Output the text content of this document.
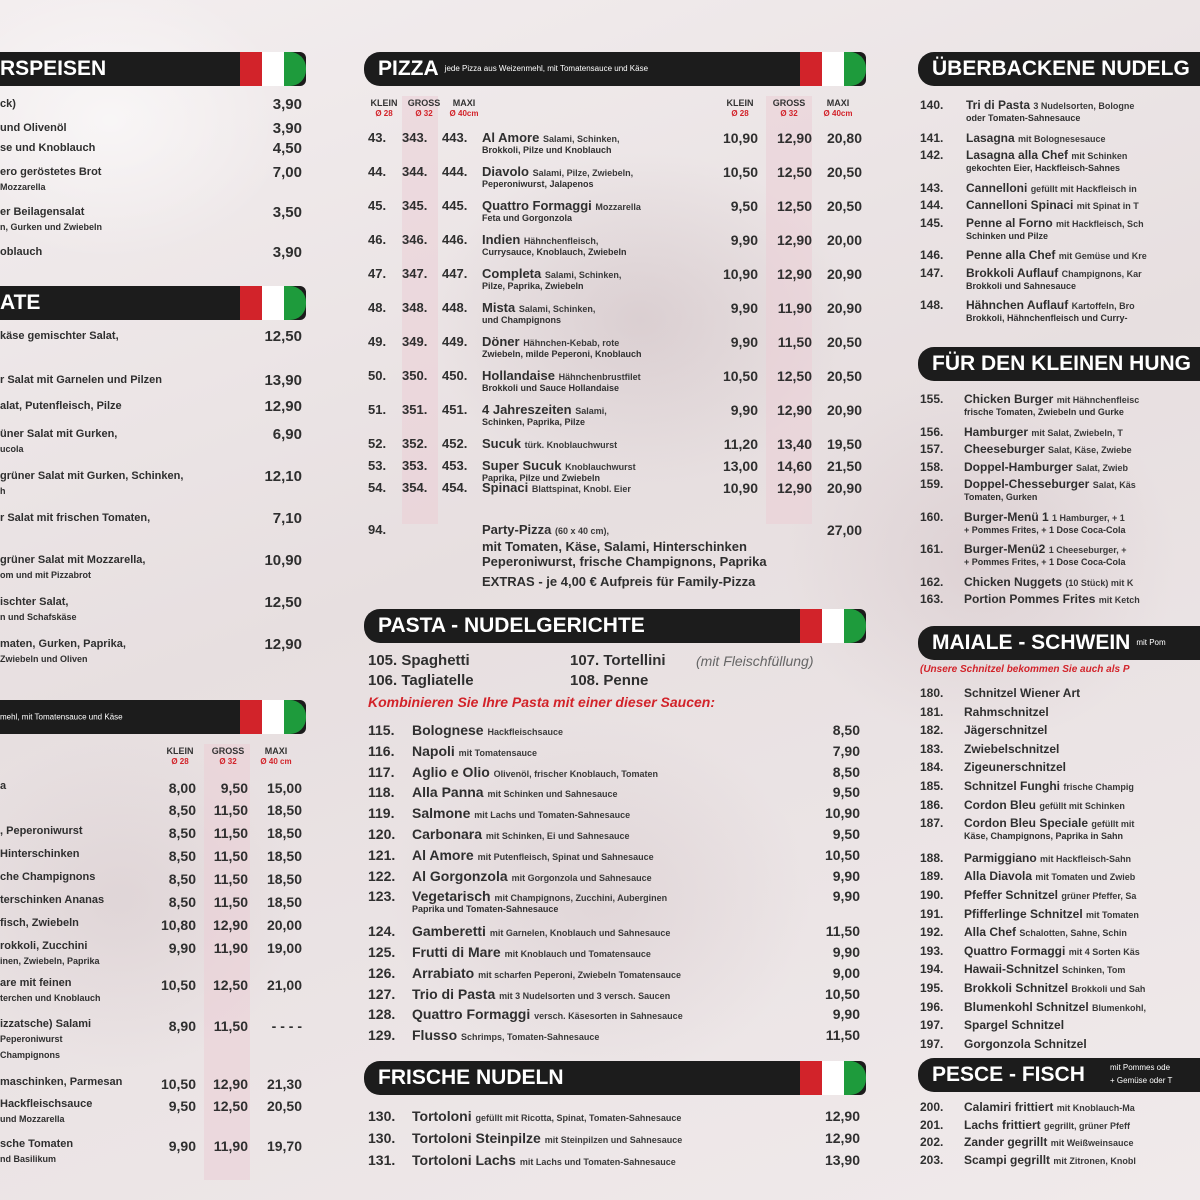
RSPEISEN
ck)	3,90
und Olivenöl	3,90
se und Knoblauch	4,50
ero geröstetes Brot
Mozzarella
7,00
er Beilagensalat
n, Gurken und Zwiebeln
3,50
oblauch	3,90
ATE
käse gemischter Salat,	12,50
r Salat mit Garnelen und Pilzen	13,90
alat, Putenfleisch, Pilze	12,90
üner Salat mit Gurken,
ucola
6,90
grüner Salat mit Gurken, Schinken,
h
12,10
r Salat mit frischen Tomaten,	7,10
grüner Salat mit Mozzarella,
om und mit Pizzabrot
10,90
ischter Salat,
n und Schafskäse
12,50
maten, Gurken, Paprika,
Zwiebeln und Oliven
12,90
mehl, mit Tomatensauce und Käse
KLEIN	GROSS	MAXI
Ø 28	Ø 32	Ø 40 cm
a	8,00	9,50	15,00
8,50	11,50	18,50
, Peperoniwurst	8,50	11,50	18,50
Hinterschinken	8,50	11,50	18,50
che Champignons	8,50	11,50	18,50
terschinken Ananas	8,50	11,50	18,50
fisch, Zwiebeln	10,80	12,90	20,00
rokkoli, Zucchini
inen, Zwiebeln, Paprika
9,90	11,90	19,00
are mit feinen
terchen und Knoblauch
10,50	12,50	21,00
izzatsche) Salami
Peperoniwurst
Champignons
8,90	11,50	- - - -
maschinken, Parmesan	10,50	12,90	21,30
Hackfleischsauce
und Mozzarella
9,50	12,50	20,50
sche Tomaten
nd Basilikum
9,90	11,90	19,70
PIZZA jede Pizza aus Weizenmehl, mit Tomatensauce und Käse
KLEIN	GROSS	MAXI
Ø 28	Ø 32	Ø 40cm
KLEIN	GROSS	MAXI
Ø 28	Ø 32	Ø 40cm
43. 343. 443. Al Amore Salami, Schinken,
Brokkoli, Pilze und Knoblauch
10,90	12,90	20,80
44. 344. 444. Diavolo Salami, Pilze, Zwiebeln,
Peperoniwurst, Jalapenos
10,50	12,50	20,50
45. 345. 445. Quattro Formaggi Mozzarella
Feta und Gorgonzola
9,50	12,50	20,50
46. 346. 446. Indien Hähnchenfleisch,
Currysauce, Knoblauch, Zwiebeln
9,90	12,90	20,00
47. 347. 447. Completa Salami, Schinken,
Pilze, Paprika, Zwiebeln
10,90	12,90	20,90
48. 348. 448. Mista Salami, Schinken,
und Champignons
9,90	11,90	20,90
49. 349. 449. Döner Hähnchen-Kebab, rote
Zwiebeln, milde Peperoni, Knoblauch
9,90	11,50	20,50
50. 350. 450. Hollandaise Hähnchenbrustfilet
Brokkoli und Sauce Hollandaise
10,50	12,50	20,50
51. 351. 451. 4 Jahreszeiten Salami,
Schinken, Paprika, Pilze
9,90	12,90	20,90
52. 352. 452. Sucuk türk. Knoblauchwurst	11,20	13,40	19,50
53. 353. 453. Super Sucuk Knoblauchwurst
Paprika, Pilze und Zwiebeln
13,00	14,60	21,50
54. 354. 454. Spinaci Blattspinat, Knobl. Eier	10,90	12,90	20,90
94.	Party-Pizza (60 x 40 cm),
mit Tomaten, Käse, Salami, Hinterschinken
Peperoniwurst, frische Champignons, Paprika
EXTRAS - je 4,00 € Aufpreis für Family-Pizza
27,00
PASTA - NUDELGERICHTE
105. Spaghetti	107. Tortellini (mit Fleischfüllung)
106. Tagliatelle	108. Penne
Kombinieren Sie Ihre Pasta mit einer dieser Saucen:
115. Bolognese Hackfleischsauce	8,50
116. Napoli mit Tomatensauce	7,90
117. Aglio e Olio Olivenöl, frischer Knoblauch, Tomaten	8,50
118. Alla Panna mit Schinken und Sahnesauce	9,50
119. Salmone mit Lachs und Tomaten-Sahnesauce	10,90
120. Carbonara mit Schinken, Ei und Sahnesauce	9,50
121. Al Amore mit Putenfleisch, Spinat und Sahnesauce	10,50
122. Al Gorgonzola mit Gorgonzola und Sahnesauce	9,90
123. Vegetarisch mit Champignons, Zucchini, Auberginen
Paprika und Tomaten-Sahnesauce
9,90
124. Gamberetti mit Garnelen, Knoblauch und Sahnesauce	11,50
125. Frutti di Mare mit Knoblauch und Tomatensauce	9,90
126. Arrabiato mit scharfen Peperoni, Zwiebeln Tomatensauce	9,00
127. Trio di Pasta mit 3 Nudelsorten und 3 versch. Saucen	10,50
128. Quattro Formaggi versch. Käsesorten in Sahnesauce	9,90
129. Flusso Schrimps, Tomaten-Sahnesauce	11,50
FRISCHE NUDELN
130. Tortoloni gefüllt mit Ricotta, Spinat, Tomaten-Sahnesauce	12,90
130. Tortoloni Steinpilze mit Steinpilzen und Sahnesauce	12,90
131. Tortoloni Lachs mit Lachs und Tomaten-Sahnesauce	13,90
ÜBERBACKENE NUDELG
140. Tri di Pasta 3 Nudelsorten, Bologne
oder Tomaten-Sahnesauce
141. Lasagna mit Bolognesesauce
142. Lasagna alla Chef mit Schinken
gekochten Eier, Hackfleisch-Sahnes
143. Cannelloni gefüllt mit Hackfleisch in
144. Cannelloni Spinaci mit Spinat in T
145. Penne al Forno mit Hackfleisch, Sch
Schinken und Pilze
146. Penne alla Chef mit Gemüse und Kre
147. Brokkoli Auflauf Champignons, Kar
Brokkoli und Sahnesauce
148. Hähnchen Auflauf Kartoffeln, Bro
Brokkoli, Hähnchenfleisch und Curry-
FÜR DEN KLEINEN HUNG
155. Chicken Burger mit Hähnchenfleisc
frische Tomaten, Zwiebeln und Gurke
156. Hamburger mit Salat, Zwiebeln, T
157. Cheeseburger Salat, Käse, Zwiebe
158. Doppel-Hamburger Salat, Zwieb
159. Doppel-Chesseburger Salat, Käs
Tomaten, Gurken
160. Burger-Menü 1 1 Hamburger, + 1
+ Pommes Frites, + 1 Dose Coca-Cola
161. Burger-Menü2 1 Cheeseburger, +
+ Pommes Frites, + 1 Dose Coca-Cola
162. Chicken Nuggets (10 Stück) mit K
163. Portion Pommes Frites mit Ketch
MAIALE - SCHWEIN mit Pom
(Unsere Schnitzel bekommen Sie auch als P
180. Schnitzel Wiener Art
181. Rahmschnitzel
182. Jägerschnitzel
183. Zwiebelschnitzel
184. Zigeunerschnitzel
185. Schnitzel Funghi frische Champig
186. Cordon Bleu gefüllt mit Schinken
187. Cordon Bleu Speciale gefüllt mit
Käse, Champignons, Paprika in Sahn
188. Parmiggiano mit Hackfleisch-Sahn
189. Alla Diavola mit Tomaten und Zwieb
190. Pfeffer Schnitzel grüner Pfeffer, Sa
191. Pfifferlinge Schnitzel mit Tomaten
192. Alla Chef Schalotten, Sahne, Schin
193. Quattro Formaggi mit 4 Sorten Käs
194. Hawaii-Schnitzel Schinken, Tom
195. Brokkoli Schnitzel Brokkoli und Sah
196. Blumenkohl Schnitzel Blumenkohl,
197. Spargel Schnitzel
197. Gorgonzola Schnitzel
PESCE - FISCH	mit Pommes ode
+ Gemüse oder T
200. Calamiri frittiert mit Knoblauch-Ma
201. Lachs frittiert gegrillt, grüner Pfeff
202. Zander gegrillt mit Weißweinsauce
203. Scampi gegrillt mit Zitronen, Knobl
